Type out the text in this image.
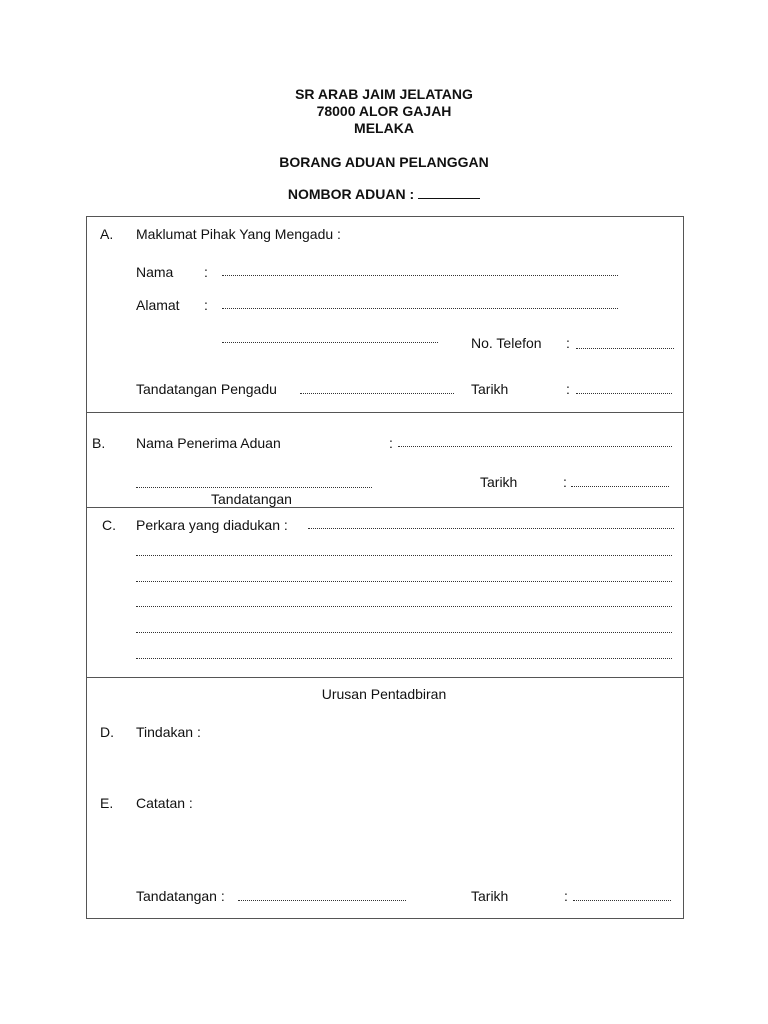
SR ARAB JAIM JELATANG
78000 ALOR GAJAH
MELAKA
BORANG ADUAN PELANGGAN
NOMBOR ADUAN :
A. Maklumat Pihak Yang Mengadu :
Nama :
Alamat :
No. Telefon :
Tandatangan Pengadu	Tarikh	:
B. Nama Penerima Aduan	:
Tandatangan
Tarikh	:
C. Perkara yang diadukan :
Urusan Pentadbiran
D. Tindakan :
E. Catatan :
Tandatangan :	Tarikh	:
